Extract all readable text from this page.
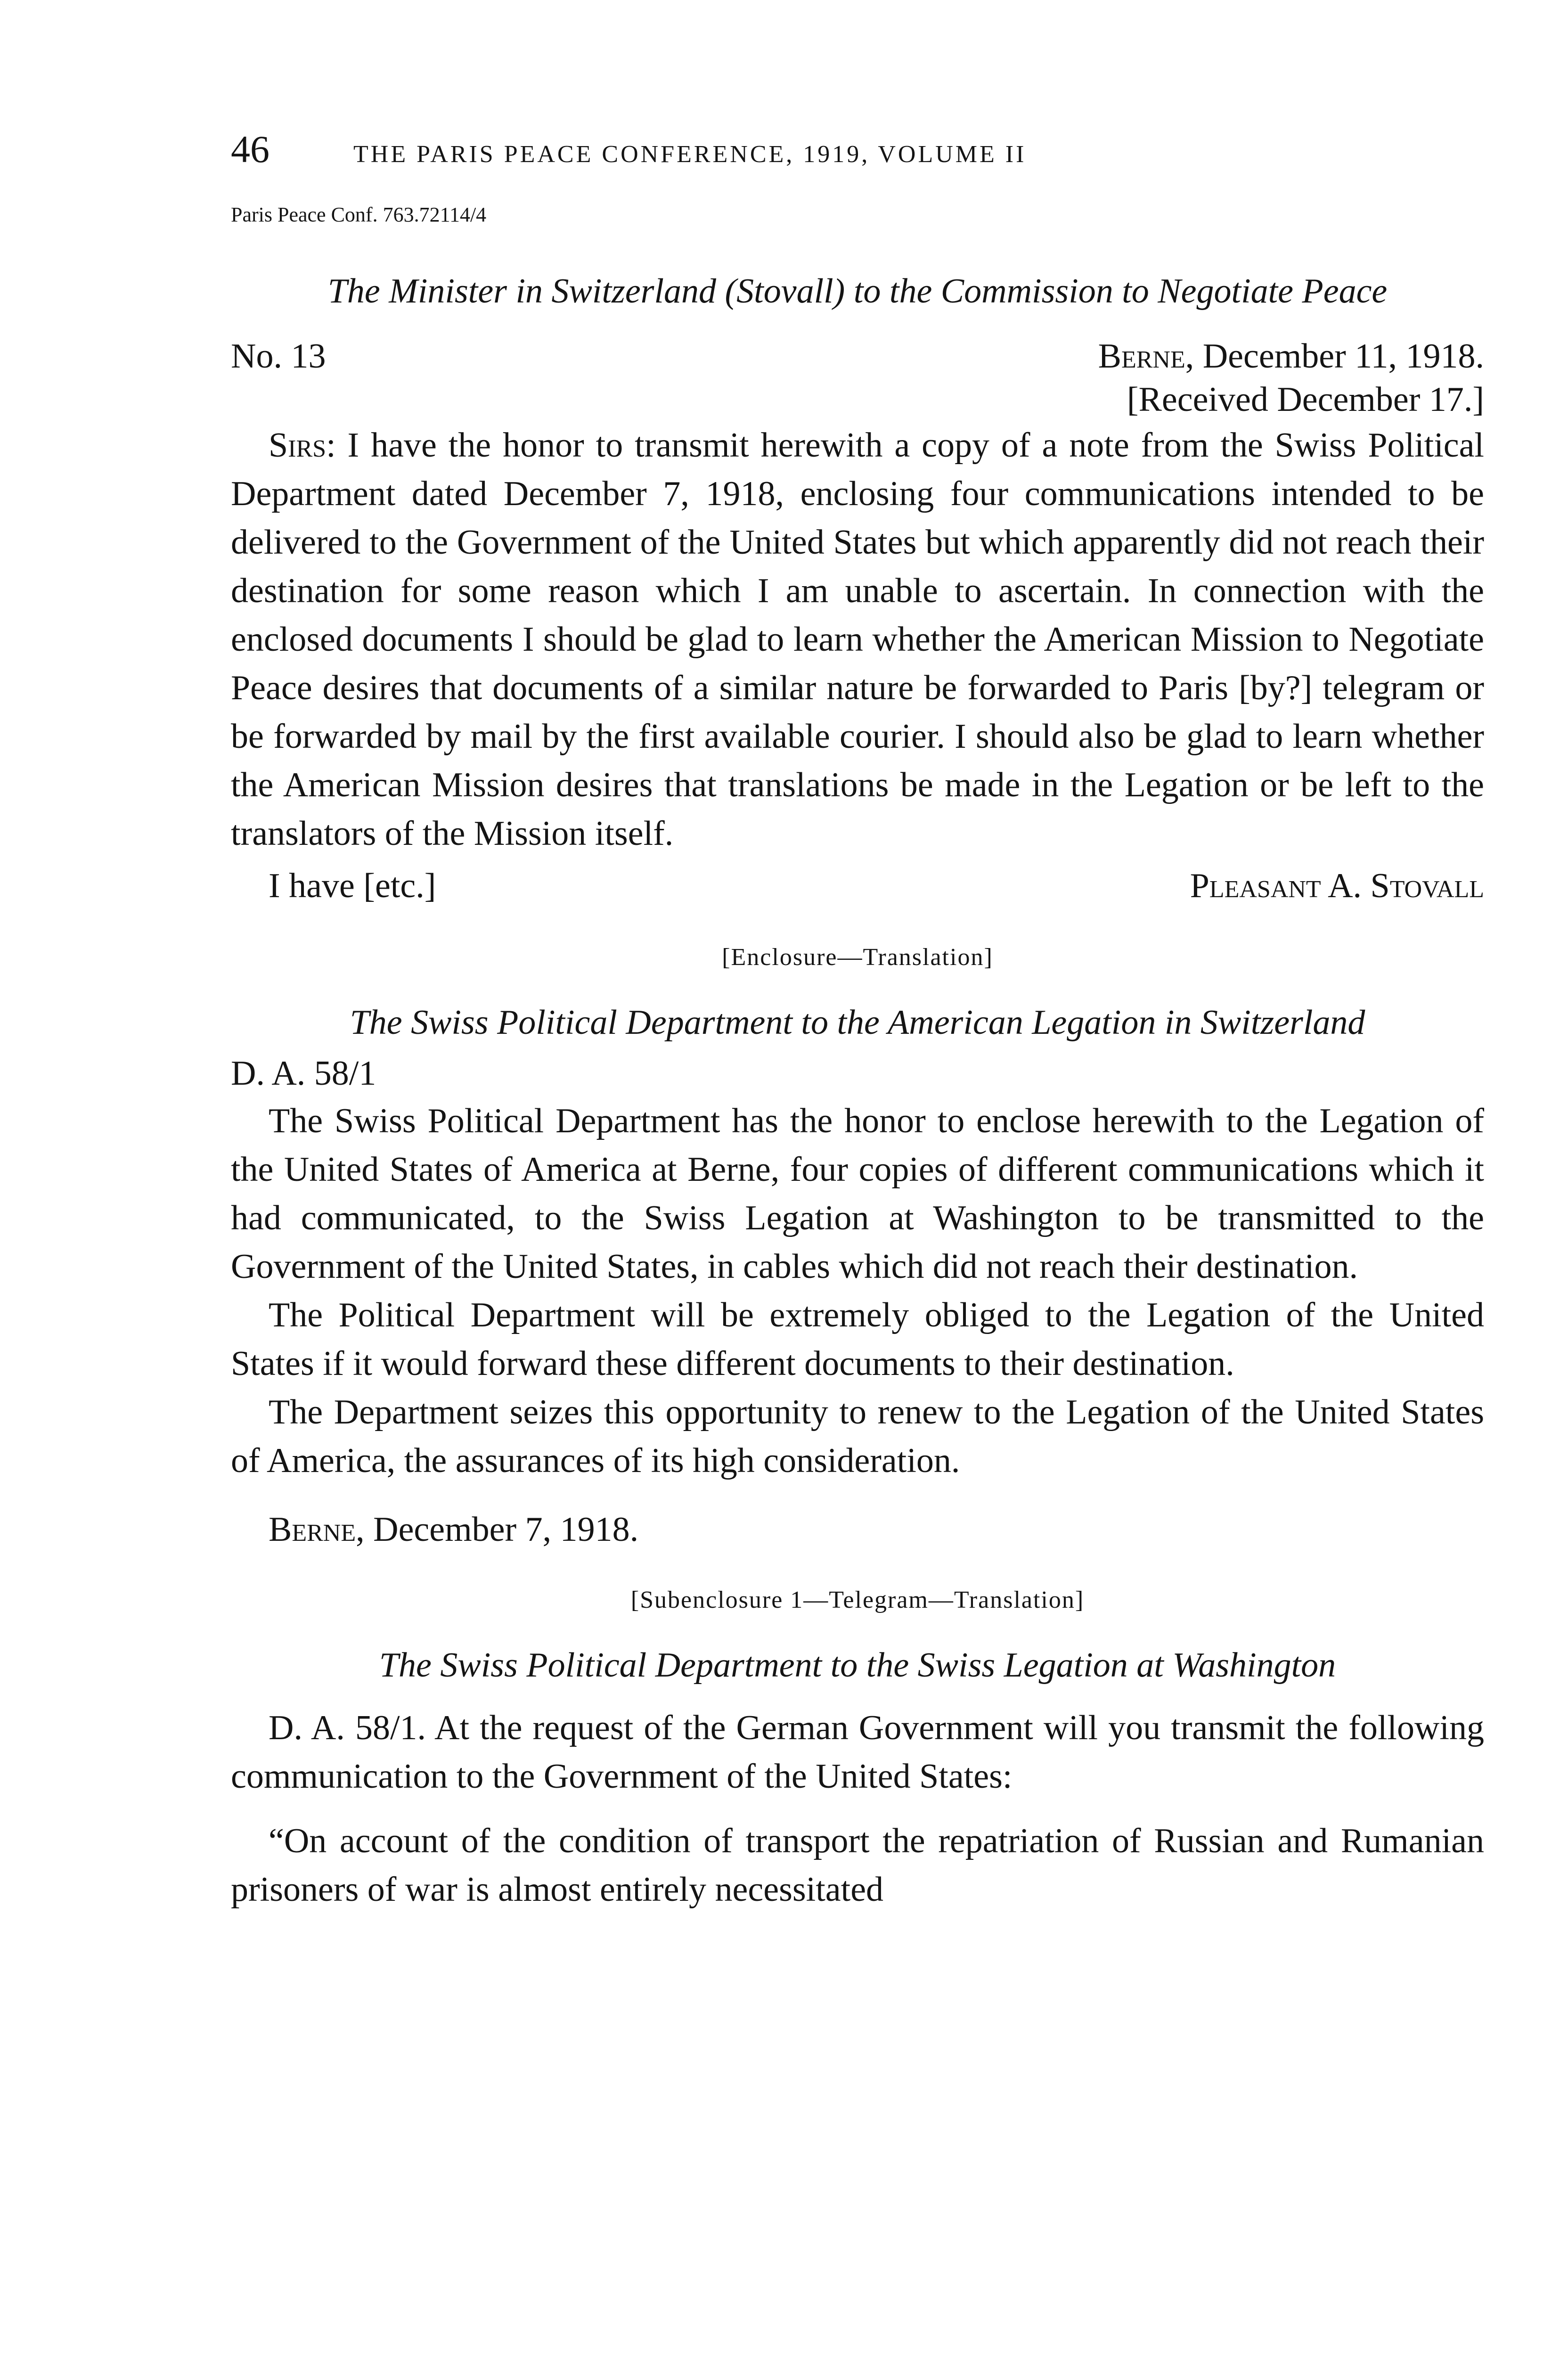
46	THE PARIS PEACE CONFERENCE, 1919, VOLUME II
Paris Peace Conf. 763.72114/4
The Minister in Switzerland (Stovall) to the Commission to Negotiate Peace
No. 13	Berne, December 11, 1918.
[Received December 17.]

Sirs: I have the honor to transmit herewith a copy of a note from the Swiss Political Department dated December 7, 1918, enclosing four communications intended to be delivered to the Government of the United States but which apparently did not reach their destination for some reason which I am unable to ascertain. In connection with the enclosed documents I should be glad to learn whether the American Mission to Negotiate Peace desires that documents of a similar nature be forwarded to Paris [by?] telegram or be forwarded by mail by the first available courier. I should also be glad to learn whether the American Mission desires that translations be made in the Legation or be left to the translators of the Mission itself.

I have [etc.]	Pleasant A. Stovall
[Enclosure—Translation]
The Swiss Political Department to the American Legation in Switzerland
D. A. 58/1

The Swiss Political Department has the honor to enclose herewith to the Legation of the United States of America at Berne, four copies of different communications which it had communicated, to the Swiss Legation at Washington to be transmitted to the Government of the United States, in cables which did not reach their destination.

The Political Department will be extremely obliged to the Legation of the United States if it would forward these different documents to their destination.

The Department seizes this opportunity to renew to the Legation of the United States of America, the assurances of its high consideration.

Berne, December 7, 1918.
[Subenclosure 1—Telegram—Translation]
The Swiss Political Department to the Swiss Legation at Washington

D. A. 58/1. At the request of the German Government will you transmit the following communication to the Government of the United States:

“On account of the condition of transport the repatriation of Russian and Rumanian prisoners of war is almost entirely necessitated
